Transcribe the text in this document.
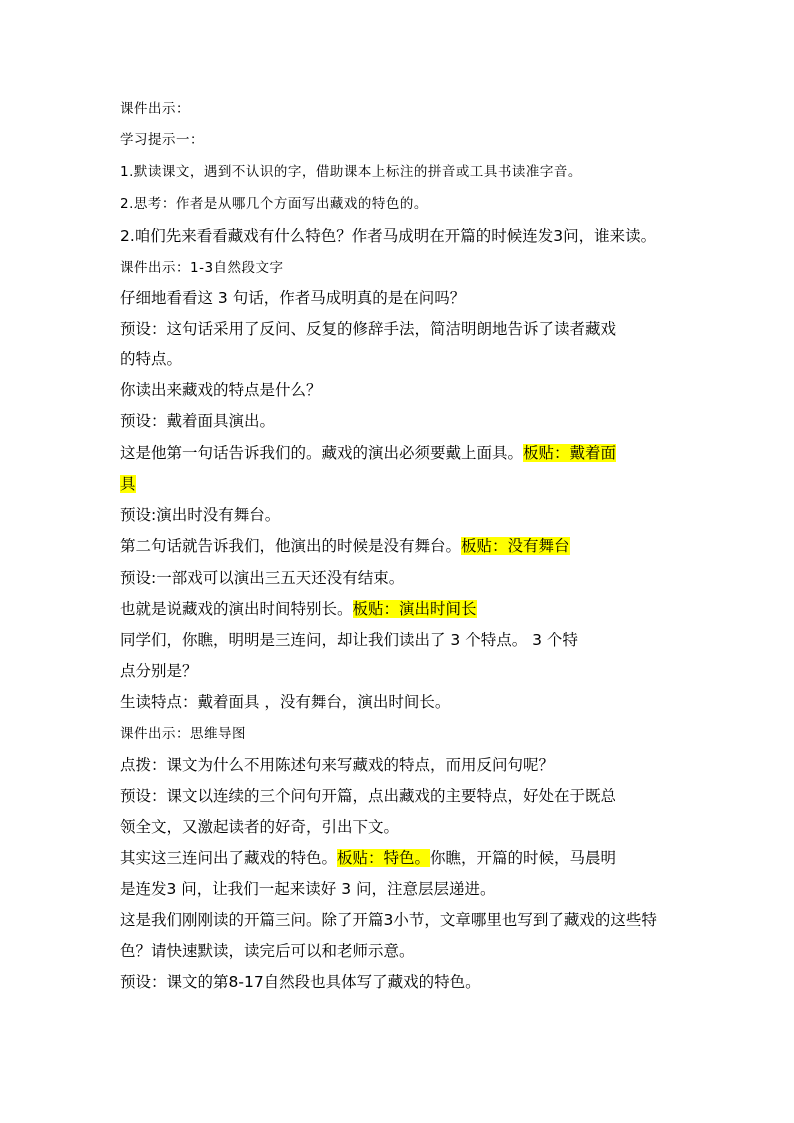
课件出示：
学习提示一：
1.默读课文，遇到不认识的字，借助课本上标注的拼音或工具书读准字音。
2.思考：作者是从哪几个方面写出藏戏的特色的。
2.咱们先来看看藏戏有什么特色？作者马成明在开篇的时候连发3问，谁来读。
课件出示：1-3自然段文字
仔细地看看这 3 句话，作者马成明真的是在问吗？
预设：这句话采用了反问、反复的修辞手法，简洁明朗地告诉了读者藏戏
的特点。
你读出来藏戏的特点是什么？
预设：戴着面具演出。
这是他第一句话告诉我们的。藏戏的演出必须要戴上面具。板贴：戴着面
具
预设:演出时没有舞台。
第二句话就告诉我们，他演出的时候是没有舞台。板贴：没有舞台
预设:一部戏可以演出三五天还没有结束。
也就是说藏戏的演出时间特别长。板贴：演出时间长
同学们，你瞧，明明是三连问，却让我们读出了 3 个特点。 3 个特
点分别是？
生读特点：戴着面具 ，没有舞台，演出时间长。
课件出示：思维导图
点拨：课文为什么不用陈述句来写藏戏的特点，而用反问句呢？
预设：课文以连续的三个问句开篇，点出藏戏的主要特点，好处在于既总
领全文，又激起读者的好奇，引出下文。
其实这三连问出了藏戏的特色。板贴：特色。你瞧，开篇的时候，马晨明
是连发3 问，让我们一起来读好 3 问，注意层层递进。
这是我们刚刚读的开篇三问。除了开篇3小节，文章哪里也写到了藏戏的这些特
色？请快速默读，读完后可以和老师示意。
预设：课文的第8-17自然段也具体写了藏戏的特色。
